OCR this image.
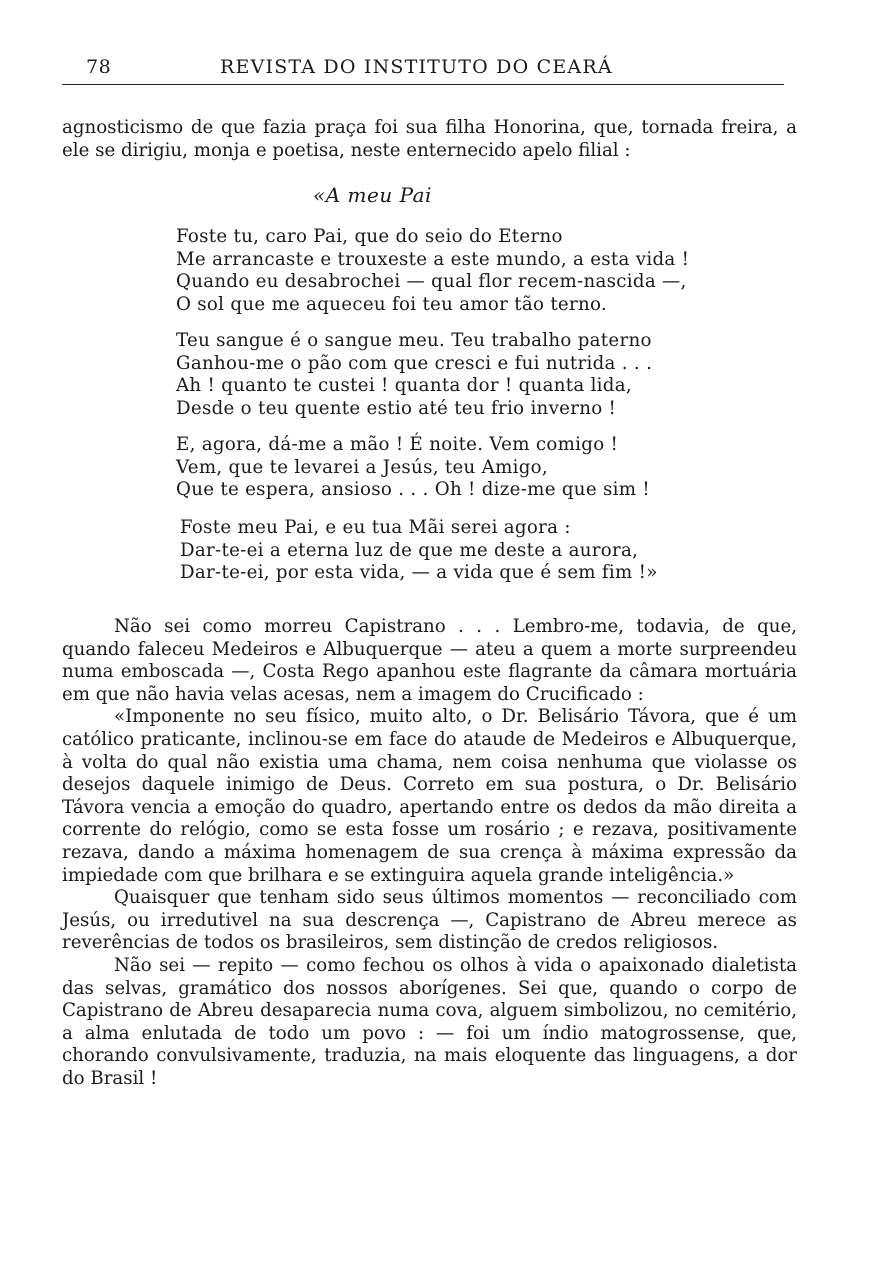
78	REVISTA DO INSTITUTO DO CEARÁ

agnosticismo de que fazia praça foi sua filha Honorina, que, tornada freira, a ele se dirigiu, monja e poetisa, neste enternecido apelo filial :

«A meu Pai
Foste tu, caro Pai, que do seio do Eterno
Me arrancaste e trouxeste a este mundo, a esta vida !
Quando eu desabrochei — qual flor recem-nascida —,
O sol que me aqueceu foi teu amor tão terno.
Teu sangue é o sangue meu. Teu trabalho paterno
Ganhou-me o pão com que cresci e fui nutrida . . .
Ah ! quanto te custei ! quanta dor ! quanta lida,
Desde o teu quente estio até teu frio inverno !
E, agora, dá-me a mão ! É noite. Vem comigo !
Vem, que te levarei a Jesús, teu Amigo,
Que te espera, ansioso . . . Oh ! dize-me que sim !
Foste meu Pai, e eu tua Mãi serei agora :
Dar-te-ei a eterna luz de que me deste a aurora,
Dar-te-ei, por esta vida, — a vida que é sem fim !»

Não sei como morreu Capistrano . . . Lembro-me, todavia, de que, quando faleceu Medeiros e Albuquerque — ateu a quem a morte surpreendeu numa emboscada —, Costa Rego apanhou este flagrante da câmara mortuária em que não havia velas acesas, nem a imagem do Crucificado :

«Imponente no seu físico, muito alto, o Dr. Belisário Távora, que é um católico praticante, inclinou-se em face do ataude de Medeiros e Albuquerque, à volta do qual não existia uma chama, nem coisa nenhuma que violasse os desejos daquele inimigo de Deus. Correto em sua postura, o Dr. Belisário Távora vencia a emoção do quadro, apertando entre os dedos da mão direita a corrente do relógio, como se esta fosse um rosário ; e rezava, positivamente rezava, dando a máxima homenagem de sua crença à máxima expressão da impiedade com que brilhara e se extinguira aquela grande inteligência.»

Quaisquer que tenham sido seus últimos momentos — reconciliado com Jesús, ou irredutivel na sua descrença —, Capistrano de Abreu merece as reverências de todos os brasileiros, sem distinção de credos religiosos.

Não sei — repito — como fechou os olhos à vida o apaixonado dialetista das selvas, gramático dos nossos aborígenes. Sei que, quando o corpo de Capistrano de Abreu desaparecia numa cova, alguem simbolizou, no cemitério, a alma enlutada de todo um povo : — foi um índio matogrossense, que, chorando convulsivamente, traduzia, na mais eloquente das linguagens, a dor do Brasil !
